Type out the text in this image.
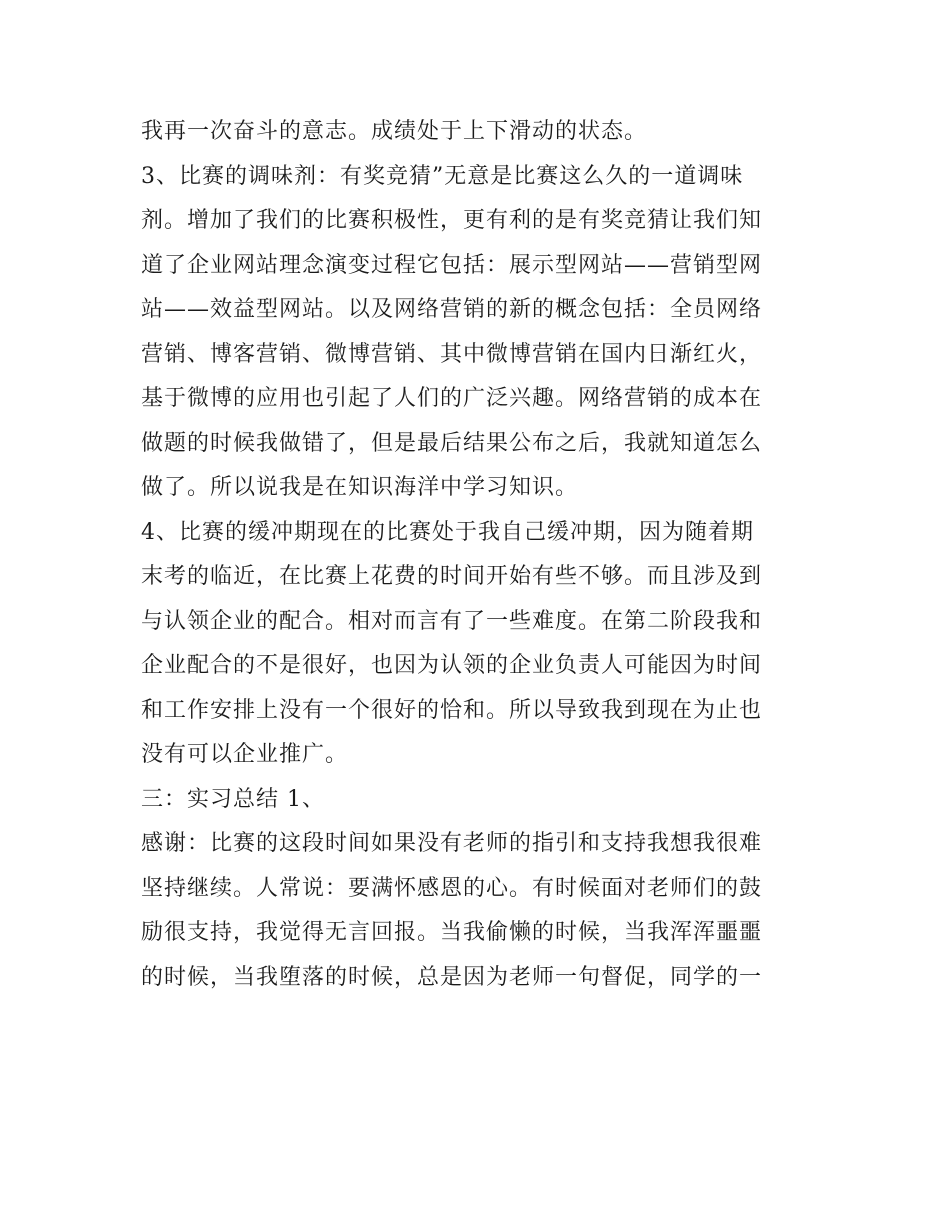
我再一次奋斗的意志。成绩处于上下滑动的状态。
3、比赛的调味剂：有奖竞猜”无意是比赛这么久的一道调味
剂。增加了我们的比赛积极性，更有利的是有奖竞猜让我们知
道了企业网站理念演变过程它包括：展示型网站——营销型网
站——效益型网站。以及网络营销的新的概念包括：全员网络
营销、博客营销、微博营销、其中微博营销在国内日渐红火，
基于微博的应用也引起了人们的广泛兴趣。网络营销的成本在
做题的时候我做错了，但是最后结果公布之后，我就知道怎么
做了。所以说我是在知识海洋中学习知识。
4、比赛的缓冲期现在的比赛处于我自己缓冲期，因为随着期
末考的临近，在比赛上花费的时间开始有些不够。而且涉及到
与认领企业的配合。相对而言有了一些难度。在第二阶段我和
企业配合的不是很好，也因为认领的企业负责人可能因为时间
和工作安排上没有一个很好的恰和。所以导致我到现在为止也
没有可以企业推广。
三：实习总结 1、
感谢：比赛的这段时间如果没有老师的指引和支持我想我很难
坚持继续。人常说：要满怀感恩的心。有时候面对老师们的鼓
励很支持，我觉得无言回报。当我偷懒的时候，当我浑浑噩噩
的时候，当我堕落的时候，总是因为老师一句督促，同学的一
